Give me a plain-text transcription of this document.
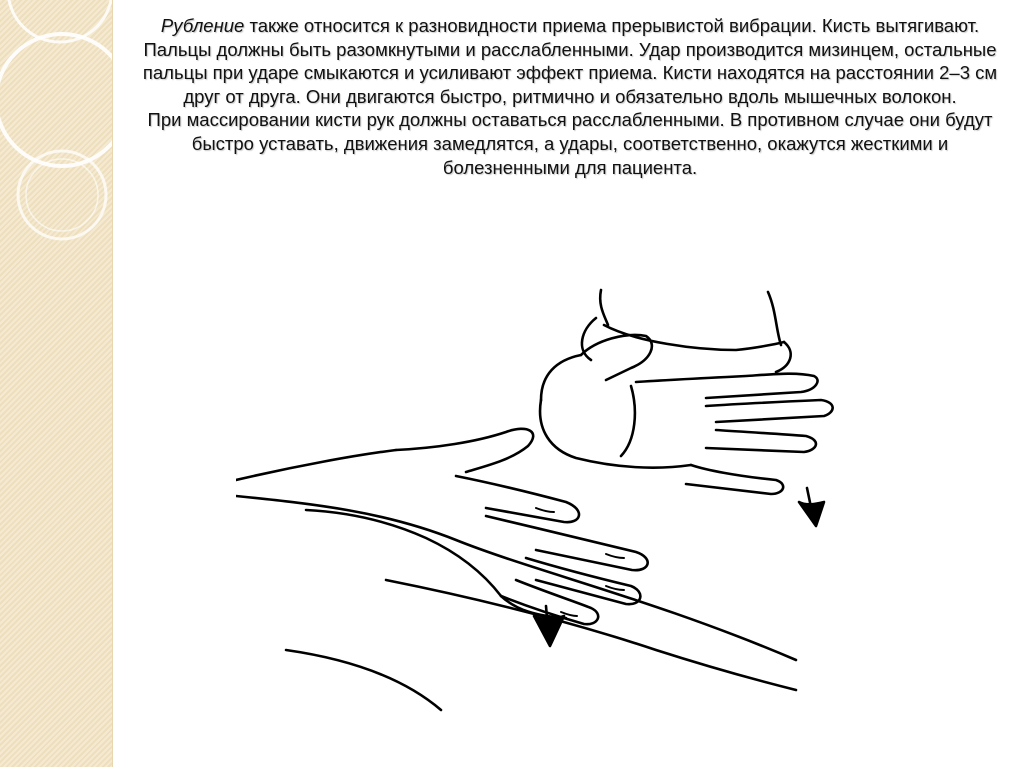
Рубление также относится к разновидности приема прерывистой вибрации. Кисть вытягивают. Пальцы должны быть разомкнутыми и расслабленными. Удар производится мизинцем, остальные пальцы при ударе смыкаются и усиливают эффект приема. Кисти находятся на расстоянии 2–3 см друг от друга. Они двигаются быстро, ритмично и обязательно вдоль мышечных волокон.

При массировании кисти рук должны оставаться расслабленными. В противном случае они будут быстро уставать, движения замедлятся, а удары, соответственно, окажутся жесткими и болезненными для пациента.
